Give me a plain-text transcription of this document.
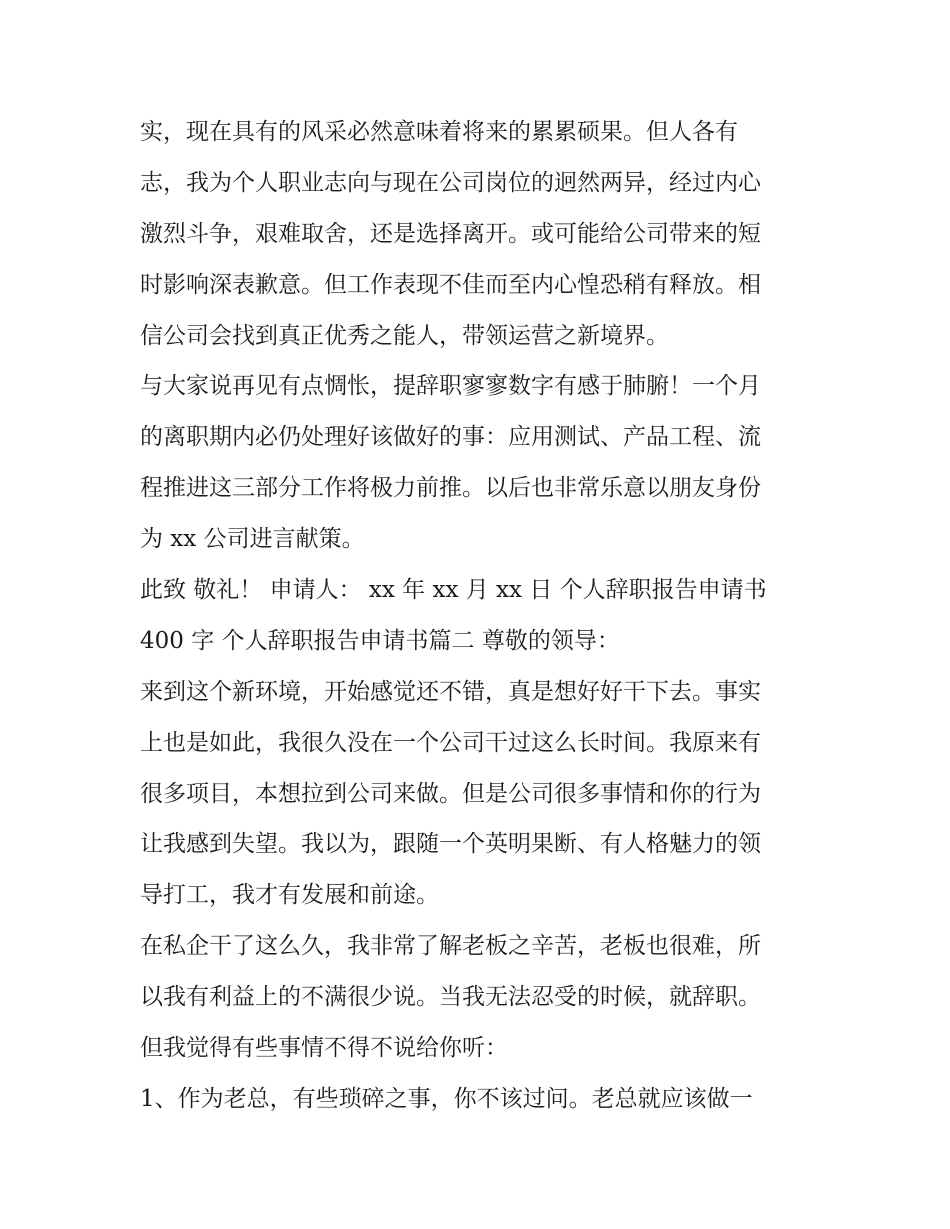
实，现在具有的风采必然意味着将来的累累硕果。但人各有
志，我为个人职业志向与现在公司岗位的迥然两异，经过内心
激烈斗争，艰难取舍，还是选择离开。或可能给公司带来的短
时影响深表歉意。但工作表现不佳而至内心惶恐稍有释放。相
信公司会找到真正优秀之能人，带领运营之新境界。
与大家说再见有点惆怅，提辞职寥寥数字有感于肺腑！一个月
的离职期内必仍处理好该做好的事：应用测试、产品工程、流
程推进这三部分工作将极力前推。以后也非常乐意以朋友身份
为 xx 公司进言献策。
此致 敬礼！ 申请人： xx 年 xx 月 xx 日 个人辞职报告申请书
400 字 个人辞职报告申请书篇二 尊敬的领导：
来到这个新环境，开始感觉还不错，真是想好好干下去。事实
上也是如此，我很久没在一个公司干过这么长时间。我原来有
很多项目，本想拉到公司来做。但是公司很多事情和你的行为
让我感到失望。我以为，跟随一个英明果断、有人格魅力的领
导打工，我才有发展和前途。
在私企干了这么久，我非常了解老板之辛苦，老板也很难，所
以我有利益上的不满很少说。当我无法忍受的时候，就辞职。
但我觉得有些事情不得不说给你听：
1、作为老总，有些琐碎之事，你不该过问。老总就应该做一
